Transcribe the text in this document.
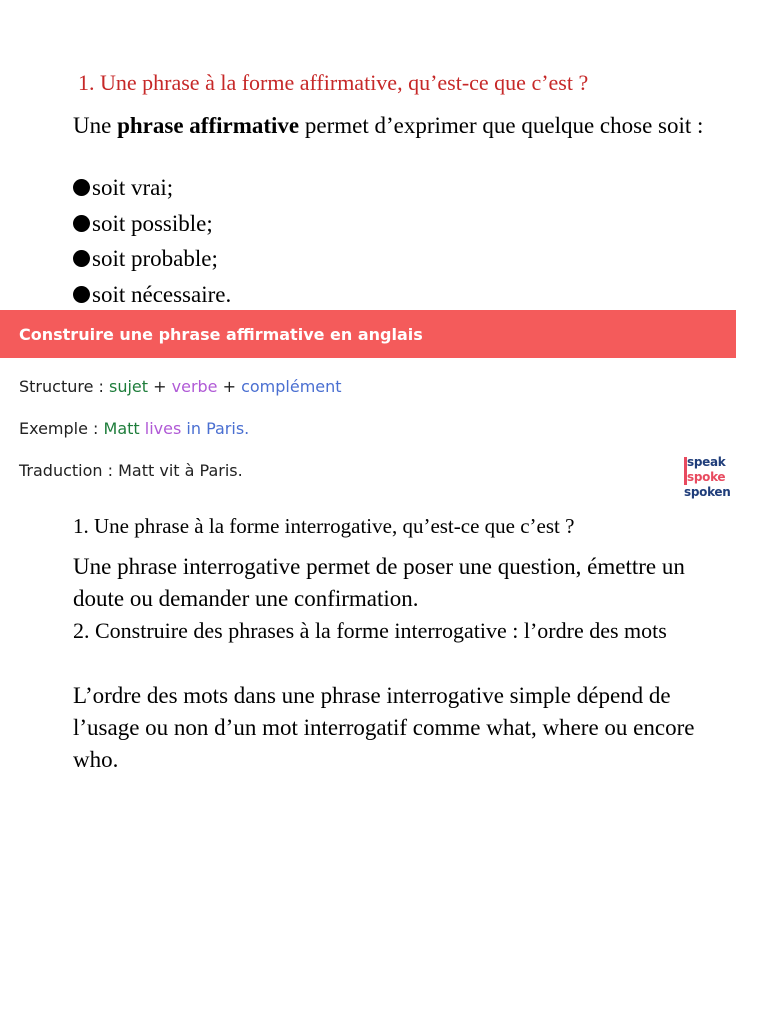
1. Une phrase à la forme affirmative, qu’est-ce que c’est ?

Une phrase affirmative permet d’exprimer que quelque chose soit :

soit vrai;
soit possible;
soit probable;
soit nécessaire.
Construire une phrase affirmative en anglais
Structure : sujet + verbe + complément
Exemple : Matt lives in Paris.
Traduction : Matt vit à Paris.	speak
spoke
spoken
1. Une phrase à la forme interrogative, qu’est-ce que c’est ?

Une phrase interrogative permet de poser une question, émettre un doute ou demander une confirmation.

2. Construire des phrases à la forme interrogative : l’ordre des mots

L’ordre des mots dans une phrase interrogative simple dépend de l’usage ou non d’un mot interrogatif comme what, where ou encore who.
